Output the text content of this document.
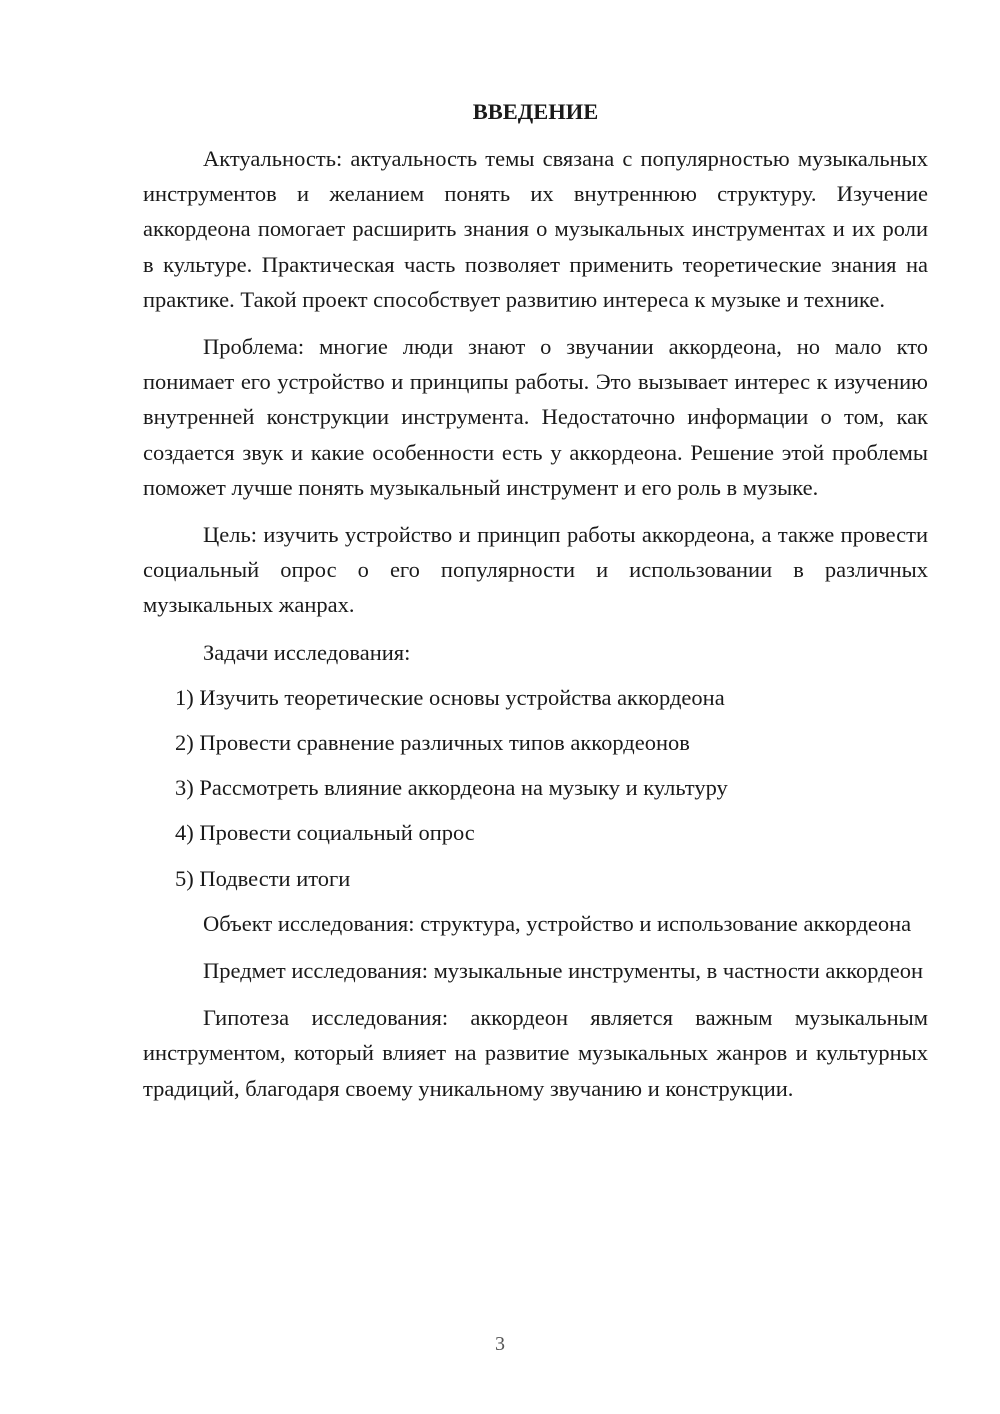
ВВЕДЕНИЕ

Актуальность: актуальность темы связана с популярностью музыкальных инструментов и желанием понять их внутреннюю структуру. Изучение аккордеона помогает расширить знания о музыкальных инструментах и их роли в культуре. Практическая часть позволяет применить теоретические знания на практике. Такой проект способствует развитию интереса к музыке и технике.

Проблема: многие люди знают о звучании аккордеона, но мало кто понимает его устройство и принципы работы. Это вызывает интерес к изучению внутренней конструкции инструмента. Недостаточно информации о том, как создается звук и какие особенности есть у аккордеона. Решение этой проблемы поможет лучше понять музыкальный инструмент и его роль в музыке.

Цель: изучить устройство и принцип работы аккордеона, а также провести социальный опрос о его популярности и использовании в различных музыкальных жанрах.

Задачи исследования:

1) Изучить теоретические основы устройства аккордеона
2) Провести сравнение различных типов аккордеонов
3) Рассмотреть влияние аккордеона на музыку и культуру
4) Провести социальный опрос
5) Подвести итоги

Объект исследования: структура, устройство и использование аккордеона

Предмет исследования: музыкальные инструменты, в частности аккордеон

Гипотеза исследования: аккордеон является важным музыкальным инструментом, который влияет на развитие музыкальных жанров и культурных традиций, благодаря своему уникальному звучанию и конструкции.

3
